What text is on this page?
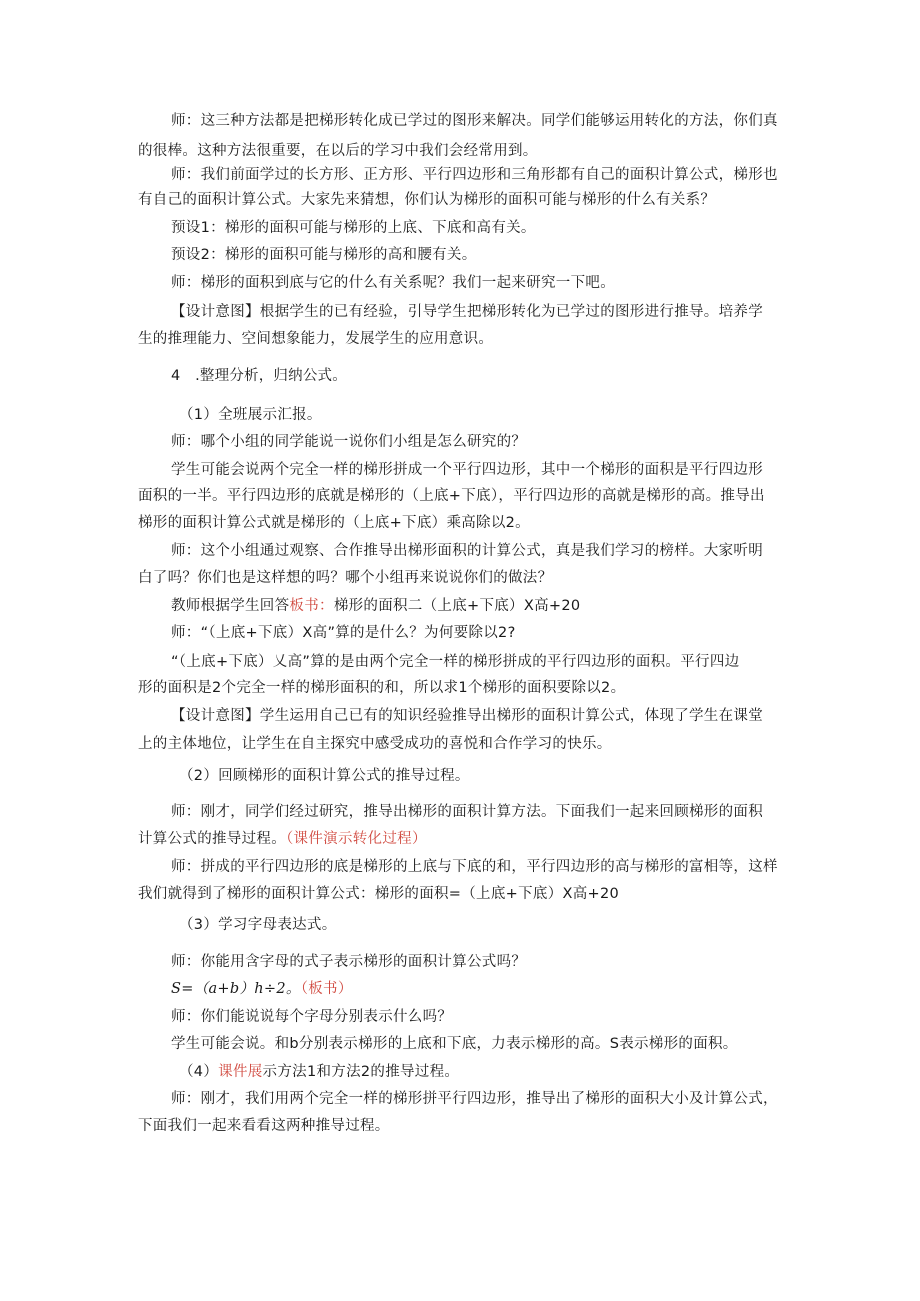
师：这三种方法都是把梯形转化成已学过的图形来解决。同学们能够运用转化的方法，你们真
的很棒。这种方法很重要，在以后的学习中我们会经常用到。
师：我们前面学过的长方形、正方形、平行四边形和三角形都有自己的面积计算公式，梯形也
有自己的面积计算公式。大家先来猜想，你们认为梯形的面积可能与梯形的什么有关系？
预设1：梯形的面积可能与梯形的上底、下底和高有关。
预设2：梯形的面积可能与梯形的高和腰有关。
师：梯形的面积到底与它的什么有关系呢？我们一起来研究一下吧。
【设计意图】根据学生的已有经验，引导学生把梯形转化为已学过的图形进行推导。培养学
生的推理能力、空间想象能力，发展学生的应用意识。
4　.整理分析，归纳公式。
（1）全班展示汇报。
师：哪个小组的同学能说一说你们小组是怎么研究的？
学生可能会说两个完全一样的梯形拼成一个平行四边形，其中一个梯形的面积是平行四边形
面积的一半。平行四边形的底就是梯形的（上底+下底），平行四边形的高就是梯形的高。推导出
梯形的面积计算公式就是梯形的（上底+下底）乘高除以2。
师：这个小组通过观察、合作推导出梯形面积的计算公式，真是我们学习的榜样。大家听明
白了吗？你们也是这样想的吗？哪个小组再来说说你们的做法？
教师根据学生回答板书：梯形的面积二（上底+下底）X高+20
师：“（上底+下底）X高”算的是什么？为何要除以2?
“（上底+下底）乂高”算的是由两个完全一样的梯形拼成的平行四边形的面积。平行四边
形的面积是2个完全一样的梯形面积的和，所以求1个梯形的面积要除以2。
【设计意图】学生运用自己已有的知识经验推导出梯形的面积计算公式，体现了学生在课堂
上的主体地位，让学生在自主探究中感受成功的喜悦和合作学习的快乐。
（2）回顾梯形的面积计算公式的推导过程。
师：刚才，同学们经过研究，推导出梯形的面积计算方法。下面我们一起来回顾梯形的面积
计算公式的推导过程。（课件演示转化过程）
师：拼成的平行四边形的底是梯形的上底与下底的和，平行四边形的高与梯形的富相等，这样
我们就得到了梯形的面积计算公式：梯形的面积=（上底+下底）X高+20
（3）学习字母表达式。
师：你能用含字母的式子表示梯形的面积计算公式吗？
S=（a+b）h÷2。（板书）
师：你们能说说每个字母分别表示什么吗？
学生可能会说。和b分别表示梯形的上底和下底，力表示梯形的高。S表示梯形的面积。
（4）课件展示方法1和方法2的推导过程。
师：刚才，我们用两个完全一样的梯形拼平行四边形，推导出了梯形的面积大小及计算公式，
下面我们一起来看看这两种推导过程。
